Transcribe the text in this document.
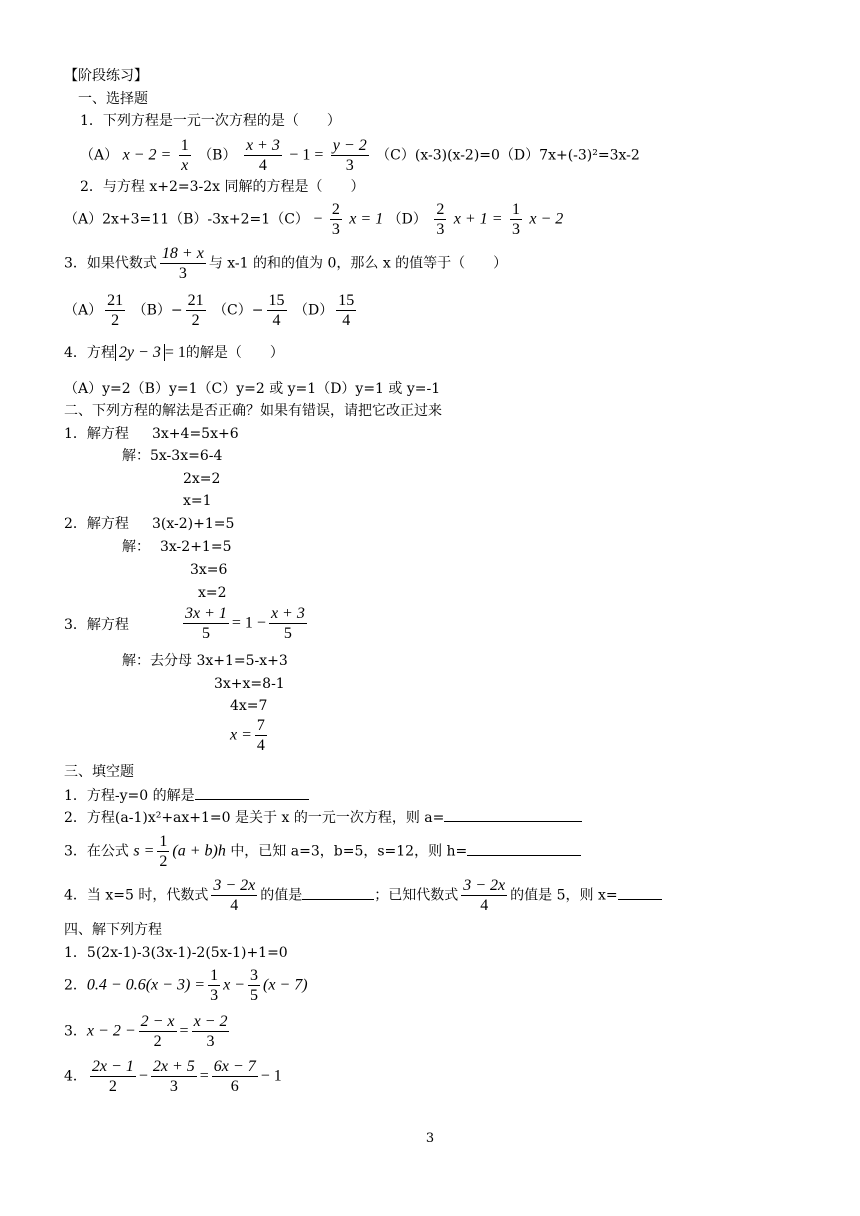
【阶段练习】
一、选择题
1．下列方程是一元一次方程的是（　　）
（A） $x - 2 = \frac{1}{x} (B) \frac{x + 3}{4} - 1 = \frac{y - 2}{3} (C)(x-3)(x-2)=0(D)7x+(-3)^2=3x-2$
2．与方程 x+2=3-2x 同解的方程是（　　）
$(A)2x+3=11(B)-3x+2=1(C) - \frac{2}{3}$ x = 1 $(D) \frac{2}{3}$ $x + 1 = \frac{1}{3}$ x − 2
3．如果代数式 $\frac{18 + x}{3}$ 与 x-1 的和的值为 0，那么 x 的值等于（　　）
$(A) \frac{21}{2} (B)- \frac{21}{2} (C)- \frac{15}{4} (D) \frac{15}{4}$
4．方程 2y − 3 = 1的解是（　　）
（A）y=2（B）y=1（C）y=2 或 y=1（D）y=1 或 y=-1
二、下列方程的解法是否正确？如果有错误，请把它改正过来
1．解方程 3x+4=5x+6
解：5x-3x=6-4
2x=2
x=1
2．解方程 3(x-2)+1=5
解： 3x-2+1=5
3x=6
x=2
3．解方程	$\frac{3x + 1}{5} = 1 - \frac{x + 3}{5}$
解：去分母 3x+1=5-x+3
3x+x=8-1
4x=7
$x = \frac{7}{4}$
三、填空题
1．方程-y=0 的解是
2．方程(a-1)x²+ax+1=0 是关于 x 的一元一次方程，则 a=
3．在公式 $s = \frac{1}{2} (a + b)h$ 中，已知 a=3，b=5，s=12，则 h=
4．当 x=5 时，代数式 $\frac{3 - 2x}{4}$ 的值是	；已知代数式 $\frac{3 - 2x}{4}$ 的值是 5，则 x=
四、解下列方程
1．5(2x-1)-3(3x-1)-2(5x-1)+1=0
2．$0.4 - 0.6(x - 3) = \frac{1}{3}$ $x - \frac{3}{5} (x - 7)$
3．$x - 2 - \frac{2 - x}{2} = \frac{x - 2}{3}$
4． $\frac{2x - 1}{2} - \frac{2x + 5}{3} = \frac{6x - 7}{6} - 1$
3
